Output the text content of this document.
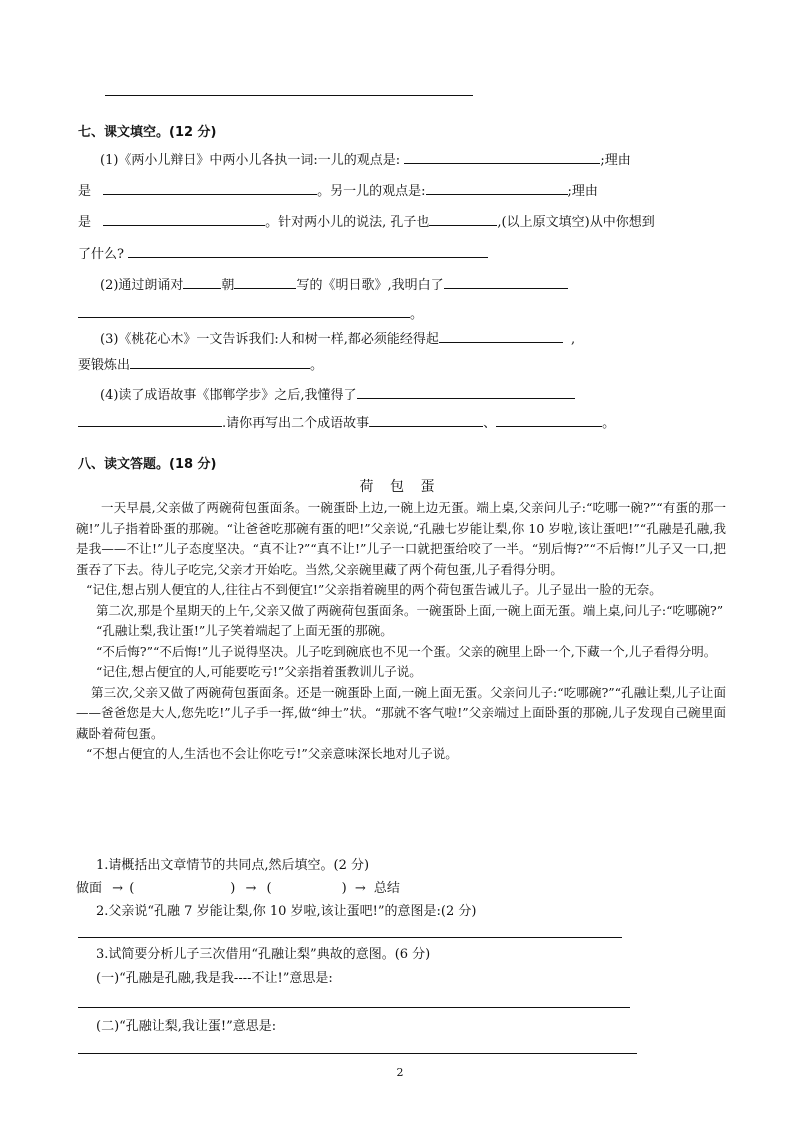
七、课文填空。(12 分)
(1)《两小儿辩日》中两小儿各执一词:一儿的观点是:	;理由
是	。另一儿的观点是:	;理由
是	。针对两小儿的说法, 孔子也	,(以上原文填空)从中你想到
了什么?
(2)通过朗诵对	朝	写的《明日歌》,我明白了
。
(3)《桃花心木》一文告诉我们:人和树一样,都必须能经得起	,
要锻炼出	。
(4)读了成语故事《邯郸学步》之后,我懂得了
.请你再写出二个成语故事	、	。
八、读文答题。(18 分)
荷 包 蛋

一天早晨,父亲做了两碗荷包蛋面条。一碗蛋卧上边,一碗上边无蛋。端上桌,父亲问儿子:“吃哪一碗?”“有蛋的那一碗!”儿子指着卧蛋的那碗。“让爸爸吃那碗有蛋的吧!”父亲说,“孔融七岁能让梨,你 10 岁啦,该让蛋吧!”“孔融是孔融,我是我——不让!”儿子态度坚决。“真不让?”“真不让!”儿子一口就把蛋给咬了一半。“别后悔?”“不后悔!”儿子又一口,把蛋吞了下去。待儿子吃完,父亲才开始吃。当然,父亲碗里藏了两个荷包蛋,儿子看得分明。

“记住,想占别人便宜的人,往往占不到便宜!”父亲指着碗里的两个荷包蛋告诫儿子。儿子显出一脸的无奈。

第二次,那是个星期天的上午,父亲又做了两碗荷包蛋面条。一碗蛋卧上面,一碗上面无蛋。端上桌,问儿子:“吃哪碗?”

“孔融让梨,我让蛋!”儿子笑着端起了上面无蛋的那碗。

“不后悔?”“不后悔!”儿子说得坚决。儿子吃到碗底也不见一个蛋。父亲的碗里上卧一个,下藏一个,儿子看得分明。

“记住,想占便宜的人,可能要吃亏!”父亲指着蛋教训儿子说。

第三次,父亲又做了两碗荷包蛋面条。还是一碗蛋卧上面,一碗上面无蛋。父亲问儿子:“吃哪碗?”“孔融让梨,儿子让面——爸爸您是大人,您先吃!”儿子手一挥,做“绅士”状。“那就不客气啦!”父亲端过上面卧蛋的那碗,儿子发现自己碗里面藏卧着荷包蛋。

“不想占便宜的人,生活也不会让你吃亏!”父亲意味深长地对儿子说。

1.请概括出文章情节的共同点,然后填空。(2 分)
做面 → (	) → (	) → 总结
2.父亲说“孔融 7 岁能让梨,你 10 岁啦,该让蛋吧!”的意图是:(2 分)
3.试简要分析儿子三次借用“孔融让梨”典故的意图。(6 分)
(一)“孔融是孔融,我是我----不让!”意思是:
(二)“孔融让梨,我让蛋!”意思是:
2
